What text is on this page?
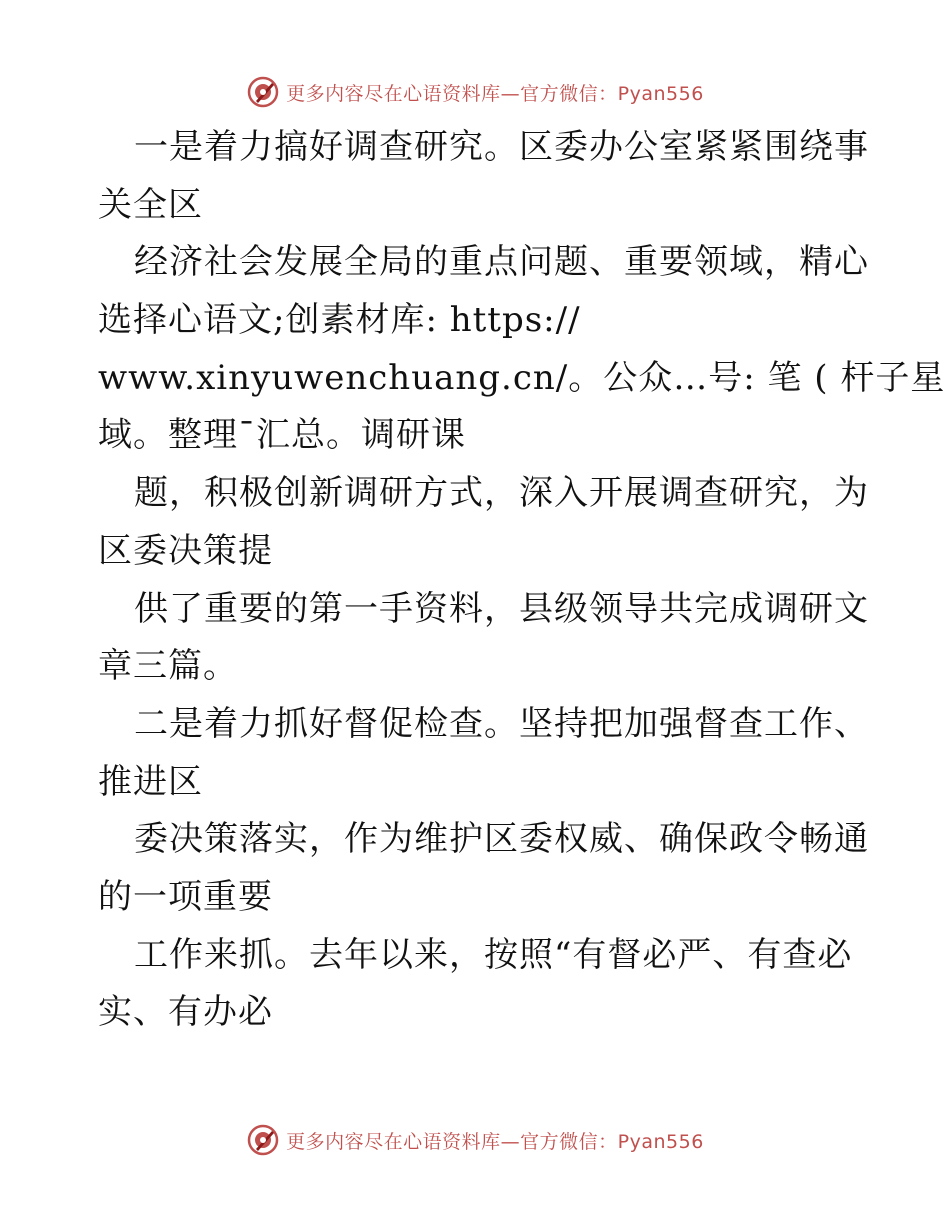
更多内容尽在心语资料库—官方微信：Pyan556
一是着力搞好调查研究。区委办公室紧紧围绕事
关全区
经济社会发展全局的重点问题、重要领域，精心
选择心语文;创素材库: https://
www.xinyuwenchuang.cn/。公众…号: 笔 ( 杆子星
域。整理¯汇总。调研课
题，积极创新调研方式，深入开展调查研究，为
区委决策提
供了重要的第一手资料，县级领导共完成调研文
章三篇。
二是着力抓好督促检查。坚持把加强督查工作、
推进区
委决策落实，作为维护区委权威、确保政令畅通
的一项重要
工作来抓。去年以来，按照“有督必严、有查必
实、有办必
更多内容尽在心语资料库—官方微信：Pyan556
